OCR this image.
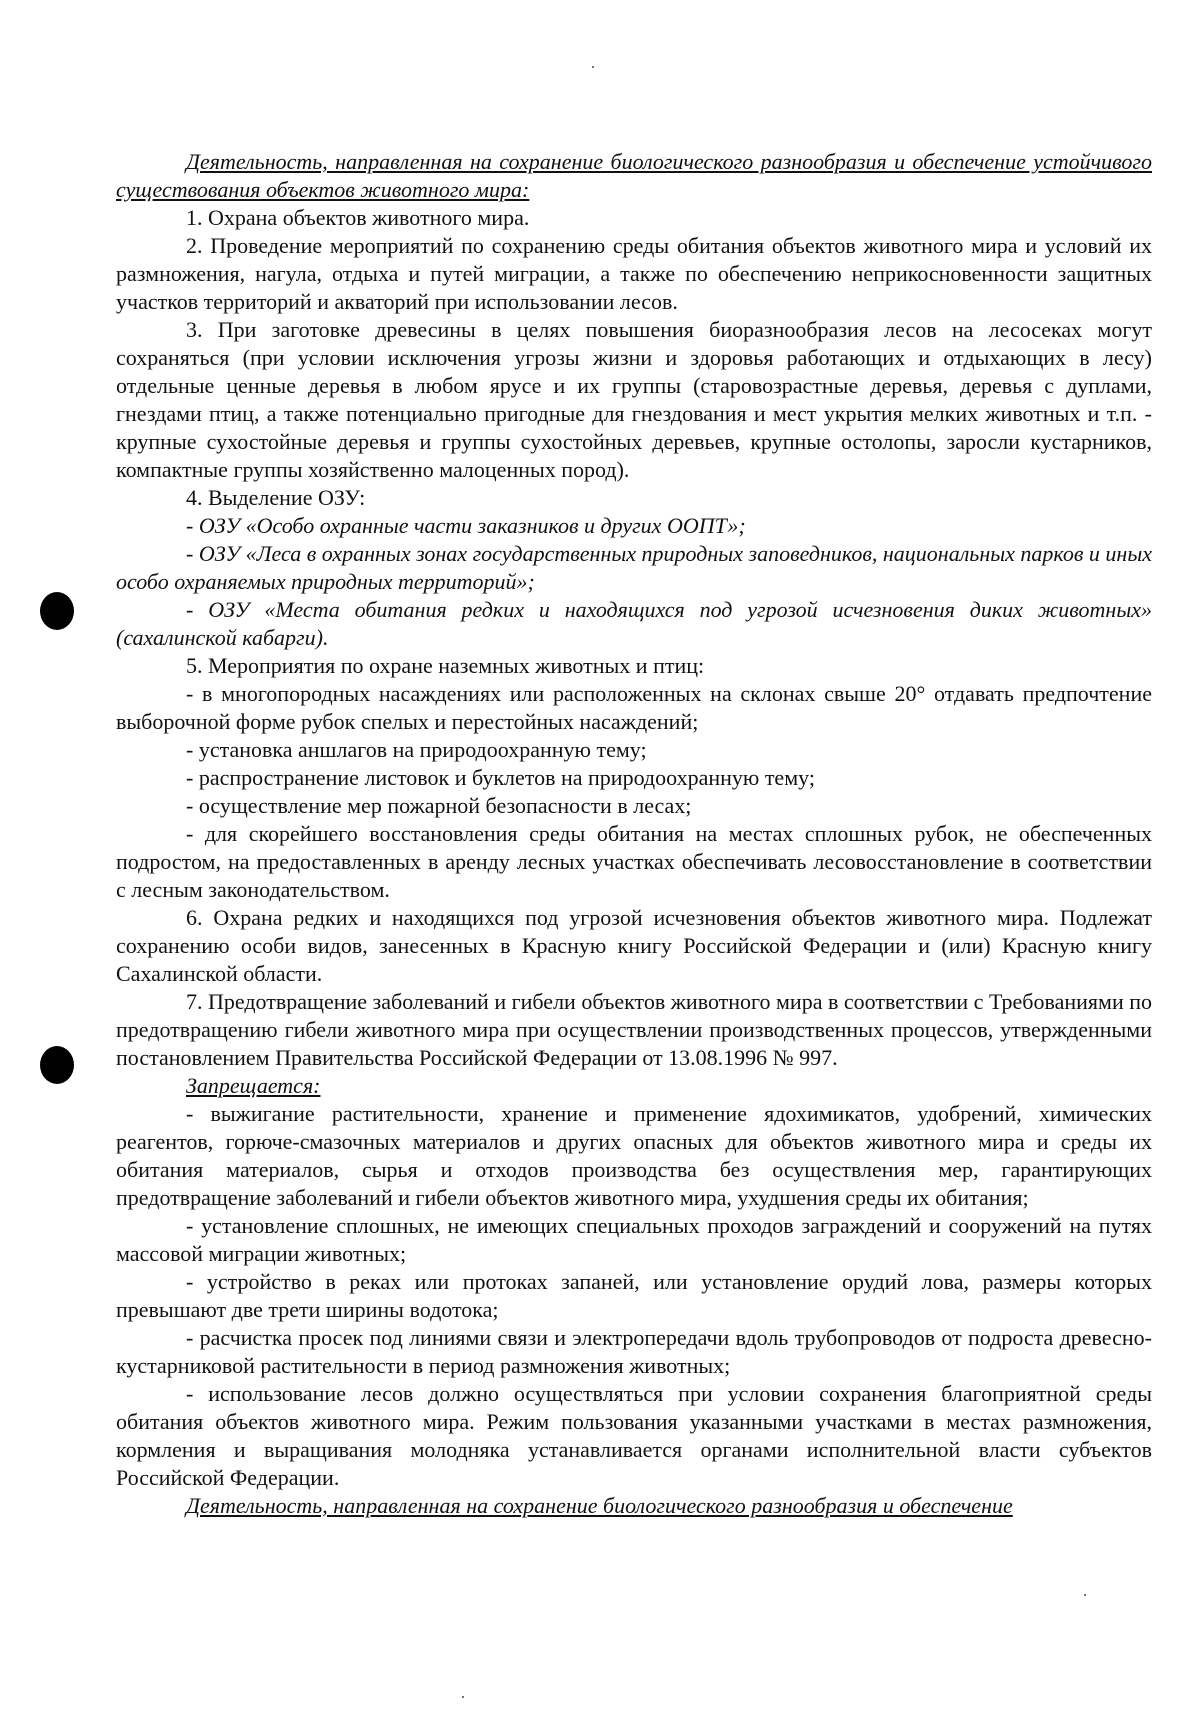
Деятельность, направленная на сохранение биологического разнообразия и обеспечение устойчивого существования объектов животного мира:

1. Охрана объектов животного мира.

2. Проведение мероприятий по сохранению среды обитания объектов животного мира и условий их размножения, нагула, отдыха и путей миграции, а также по обеспечению неприкосновенности защитных участков территорий и акваторий при использовании лесов.

3. При заготовке древесины в целях повышения биоразнообразия лесов на лесосеках могут сохраняться (при условии исключения угрозы жизни и здоровья работающих и отдыхающих в лесу) отдельные ценные деревья в любом ярусе и их группы (старовозрастные деревья, деревья с дуплами, гнездами птиц, а также потенциально пригодные для гнездования и мест укрытия мелких животных и т.п. - крупные сухостойные деревья и группы сухостойных деревьев, крупные остолопы, заросли кустарников, компактные группы хозяйственно малоценных пород).

4. Выделение ОЗУ:

- ОЗУ «Особо охранные части заказников и других ООПТ»;

- ОЗУ «Леса в охранных зонах государственных природных заповедников, национальных парков и иных особо охраняемых природных территорий»;

- ОЗУ «Места обитания редких и находящихся под угрозой исчезновения диких животных» (сахалинской кабарги).

5. Мероприятия по охране наземных животных и птиц:

- в многопородных насаждениях или расположенных на склонах свыше 20° отдавать предпочтение выборочной форме рубок спелых и перестойных насаждений;

- установка аншлагов на природоохранную тему;

- распространение листовок и буклетов на природоохранную тему;

- осуществление мер пожарной безопасности в лесах;

- для скорейшего восстановления среды обитания на местах сплошных рубок, не обеспеченных подростом, на предоставленных в аренду лесных участках обеспечивать лесовосстановление в соответствии с лесным законодательством.

6. Охрана редких и находящихся под угрозой исчезновения объектов животного мира. Подлежат сохранению особи видов, занесенных в Красную книгу Российской Федерации и (или) Красную книгу Сахалинской области.

7. Предотвращение заболеваний и гибели объектов животного мира в соответствии с Требованиями по предотвращению гибели животного мира при осуществлении производственных процессов, утвержденными постановлением Правительства Российской Федерации от 13.08.1996 № 997.

Запрещается:

- выжигание растительности, хранение и применение ядохимикатов, удобрений, химических реагентов, горюче-смазочных материалов и других опасных для объектов животного мира и среды их обитания материалов, сырья и отходов производства без осуществления мер, гарантирующих предотвращение заболеваний и гибели объектов животного мира, ухудшения среды их обитания;

- установление сплошных, не имеющих специальных проходов заграждений и сооружений на путях массовой миграции животных;

- устройство в реках или протоках запаней, или установление орудий лова, размеры которых превышают две трети ширины водотока;

- расчистка просек под линиями связи и электропередачи вдоль трубопроводов от подроста древесно-кустарниковой растительности в период размножения животных;

- использование лесов должно осуществляться при условии сохранения благоприятной среды обитания объектов животного мира. Режим пользования указанными участками в местах размножения, кормления и выращивания молодняка устанавливается органами исполнительной власти субъектов Российской Федерации.

Деятельность, направленная на сохранение биологического разнообразия и обеспечение
